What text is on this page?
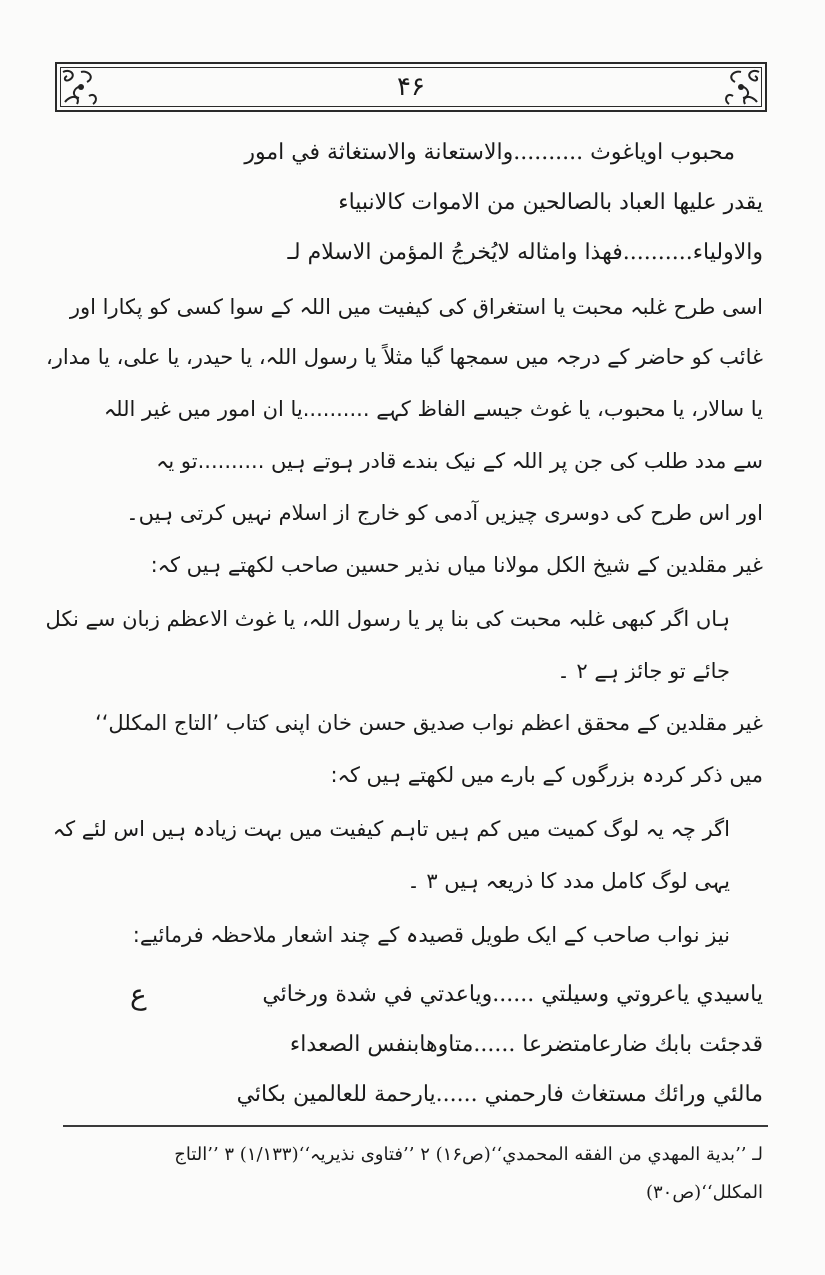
۴۶
محبوب اوياغوث ..........والاستعانة والاستغاثة في امور
يقدر عليها العباد بالصالحين من الاموات كالانبياء
والاولياء..........فهذا وامثاله لايُخرجُ المؤمن الاسلام لـ
اسی طرح غلبہ محبت یا استغراق کی کیفیت میں اللہ کے سوا کسی کو پکارا اور
غائب کو حاضر کے درجہ میں سمجھا گیا مثلاً یا رسول اللہ، یا حیدر، یا علی، یا مدار،
یا سالار، یا محبوب، یا غوث جیسے الفاظ کہے ..........یا ان امور میں غیر اللہ
سے مدد طلب کی جن پر اللہ کے نیک بندے قادر ہوتے ہیں ..........تو یہ
اور اس طرح کی دوسری چیزیں آدمی کو خارج از اسلام نہیں کرتی ہیں۔
غیر مقلدین کے شیخ الکل مولانا میاں نذیر حسین صاحب لکھتے ہیں کہ:
ہاں اگر کبھی غلبہ محبت کی بنا پر یا رسول اللہ، یا غوث الاعظم زبان سے نکل
جائے تو جائز ہے ۲ ۔
غیر مقلدین کے محقق اعظم نواب صدیق حسن خان اپنی کتاب ’التاج المکلل‘‘
میں ذکر کردہ بزرگوں کے بارے میں لکھتے ہیں کہ:
اگر چہ یہ لوگ کمیت میں کم ہیں تاہم کیفیت میں بہت زیادہ ہیں اس لئے کہ
یہی لوگ کامل مدد کا ذریعہ ہیں ۳ ۔
نیز نواب صاحب کے ایک طویل قصیدہ کے چند اشعار ملاحظہ فرمائیے:
ع	ياسيدي ياعروتي وسيلتي ......وياعدتي في شدة ورخائي
قدجئت بابك ضارعامتضرعا ......متاوهابنفس الصعداء
مالئي ورائك مستغاث فارحمني ......يارحمة للعالمين بكائي
لـ ’’بدية المهدي من الفقه المحمدي‘‘(ص۱۶) ۲ ’’فتاوی نذیریہ‘‘(۱/۱۳۳) ۳ ’’التاج
المکلل‘‘(ص۳۰)
